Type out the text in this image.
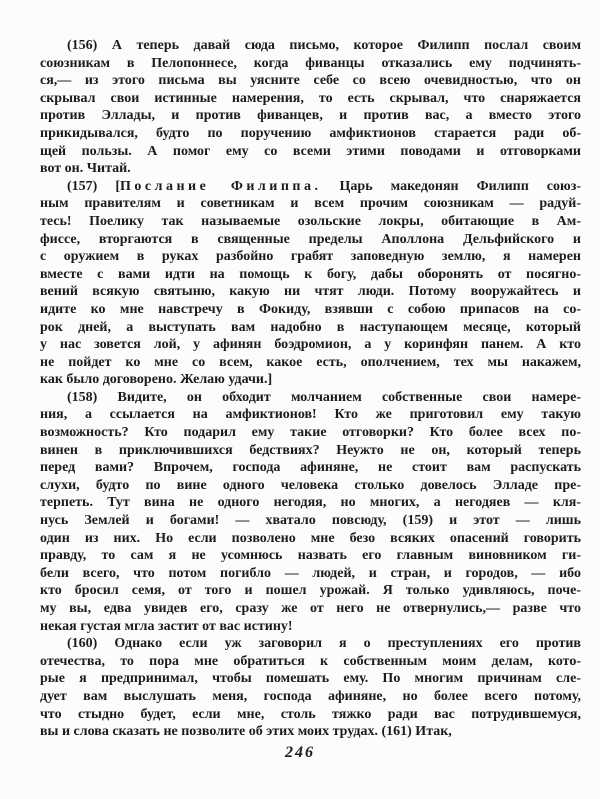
(156) А теперь давай сюда письмо, которое Филипп послал своим
союзникам в Пелопоннесе, когда фиванцы отказались ему подчинять-
ся,— из этого письма вы уясните себе со всею очевидностью, что он
скрывал свои истинные намерения, то есть скрывал, что снаряжается
против Эллады, и против фиванцев, и против вас, а вместо этого
прикидывался, будто по поручению амфиктионов старается ради об-
щей пользы. А помог ему со всеми этими поводами и отговорками
вот он. Читай.
(157) [Послание Филиппа. Царь македонян Филипп союз-
ным правителям и советникам и всем прочим союзникам — радуй-
тесь! Поелику так называемые озольские локры, обитающие в Ам-
фиссе, вторгаются в священные пределы Аполлона Дельфийского и
с оружием в руках разбойно грабят заповедную землю, я намерен
вместе с вами идти на помощь к богу, дабы оборонять от посягно-
вений всякую святыню, какую ни чтят люди. Потому вооружайтесь и
идите ко мне навстречу в Фокиду, взявши с собою припасов на со-
рок дней, а выступать вам надобно в наступающем месяце, который
у нас зовется лой, у афинян боэдромион, а у коринфян панем. А кто
не пойдет ко мне со всем, какое есть, ополчением, тех мы накажем,
как было договорено. Желаю удачи.]
(158) Видите, он обходит молчанием собственные свои намере-
ния, а ссылается на амфиктионов! Кто же приготовил ему такую
возможность? Кто подарил ему такие отговорки? Кто более всех по-
винен в приключившихся бедствиях? Неужто не он, который теперь
перед вами? Впрочем, господа афиняне, не стоит вам распускать
слухи, будто по вине одного человека столько довелось Элладе пре-
терпеть. Тут вина не одного негодяя, но многих, а негодяев — кля-
нусь Землей и богами! — хватало повсюду, (159) и этот — лишь
один из них. Но если позволено мне безо всяких опасений говорить
правду, то сам я не усомнюсь назвать его главным виновником ги-
бели всего, что потом погибло — людей, и стран, и городов, — ибо
кто бросил семя, от того и пошел урожай. Я только удивляюсь, поче-
му вы, едва увидев его, сразу же от него не отвернулись,— разве что
некая густая мгла застит от вас истину!
(160) Однако если уж заговорил я о преступлениях его против
отечества, то пора мне обратиться к собственным моим делам, кото-
рые я предпринимал, чтобы помешать ему. По многим причинам сле-
дует вам выслушать меня, господа афиняне, но более всего потому,
что стыдно будет, если мне, столь тяжко ради вас потрудившемуся,
вы и слова сказать не позволите об этих моих трудах. (161) Итак,
246
